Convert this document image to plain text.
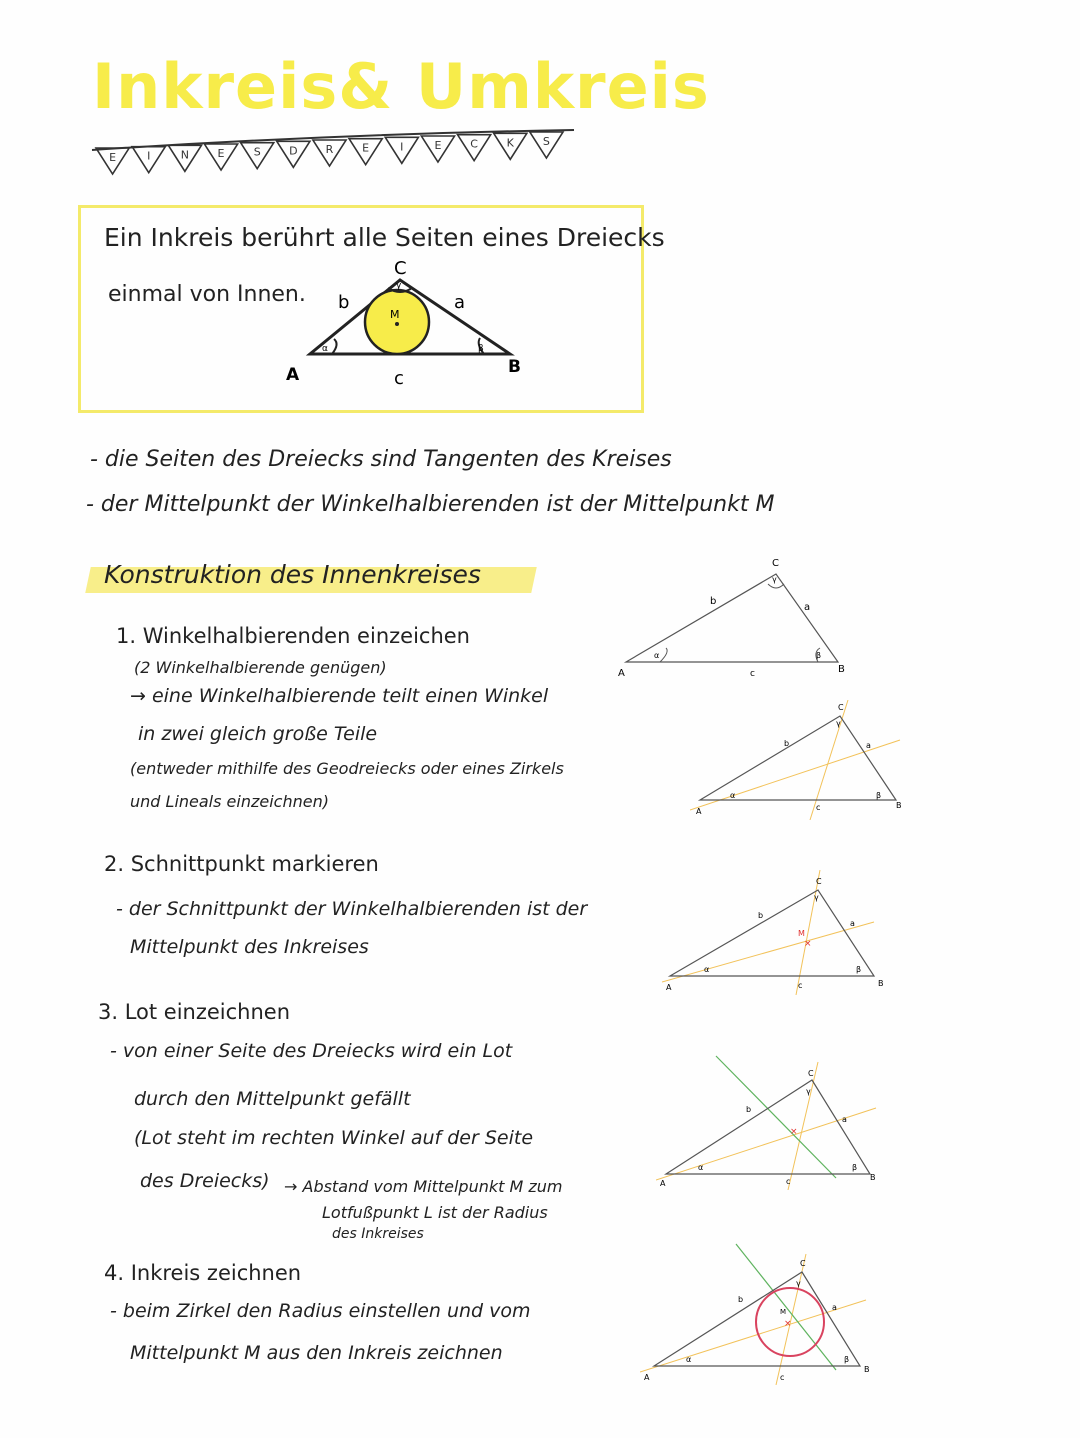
Inkreis& Umkreis
E	I	N	E	S	D	R	E	I	E	C	K	S
Ein Inkreis berührt alle Seiten eines Dreiecks
einmal von Innen.
C
b	a
M
A	B
c
α	β
γ
- die Seiten des Dreiecks sind Tangenten des Kreises
- der Mittelpunkt der Winkelhalbierenden ist der Mittelpunkt M
Konstruktion des Innenkreises
1. Winkelhalbierenden einzeichen
(2 Winkelhalbierende genügen)
→ eine Winkelhalbierende teilt einen Winkel
in zwei gleich große Teile
(entweder mithilfe des Geodreiecks oder eines Zirkels
und Lineals einzeichnen)
2. Schnittpunkt markieren
- der Schnittpunkt der Winkelhalbierenden ist der
Mittelpunkt des Inkreises
3. Lot einzeichnen
- von einer Seite des Dreiecks wird ein Lot
durch den Mittelpunkt gefällt
(Lot steht im rechten Winkel auf der Seite
des Dreiecks) → Abstand vom Mittelpunkt M zum
Lotfußpunkt L ist der Radius
des Inkreises
4. Inkreis zeichnen
- beim Zirkel den Radius einstellen und vom
Mittelpunkt M aus den Inkreis zeichnen
A	B
C
a
b
c
α	β
γ
A
B
C
a
b
c
α	β
γ
M
×
A	B
C
a
b
c
α	β
γ
×
A
B
C
a
b
c
α	β
γ
×
M
A
B
C
a
b
c
α	β
γ
